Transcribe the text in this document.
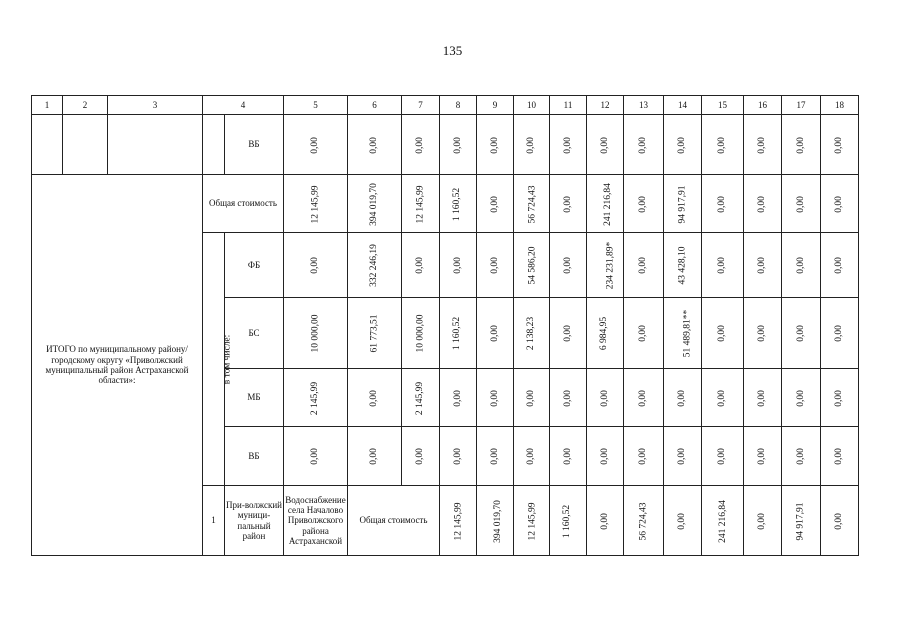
135
1	2	3	4		5	6	7	8	9	10	11	12	13	14	15	16	17	18	
				ВБ	0,00	0,00	0,00	0,00	0,00	0,00	0,00	0,00	0,00	0,00	0,00	0,00	0,00	0,00	
ИТОГО по муниципальному району/ городскому округу «Приволжский муниципальный район Астраханской области»:			Общая стоимость		12 145,99	394 019,70	12 145,99	1 160,52	0,00	56 724,43	0,00	241 216,84	0,00	94 917,91	0,00	0,00	0,00	0,00	
			в том числе:	ФБ	0,00	332 246,19	0,00	0,00	0,00	54 586,20	0,00	234 231,89*	0,00	43 428,10	0,00	0,00	0,00	0,00	
				БС	10 000,00	61 773,51	10 000,00	1 160,52	0,00	2 138,23	0,00	6 984,95	0,00	51 489,81**	0,00	0,00	0,00	0,00	
				МБ	2 145,99	0,00	2 145,99	0,00	0,00	0,00	0,00	0,00	0,00	0,00	0,00	0,00	0,00	0,00	
				ВБ	0,00	0,00	0,00	0,00	0,00	0,00	0,00	0,00	0,00	0,00	0,00	0,00	0,00	0,00	
			1	При-волжский муници-пальный район	Водоснабжение села Началово Приволжского района Астраханской	Общая стоимость		12 145,99	394 019,70	12 145,99	1 160,52	0,00	56 724,43	0,00	241 216,84	0,00	94 917,91	0,00			
